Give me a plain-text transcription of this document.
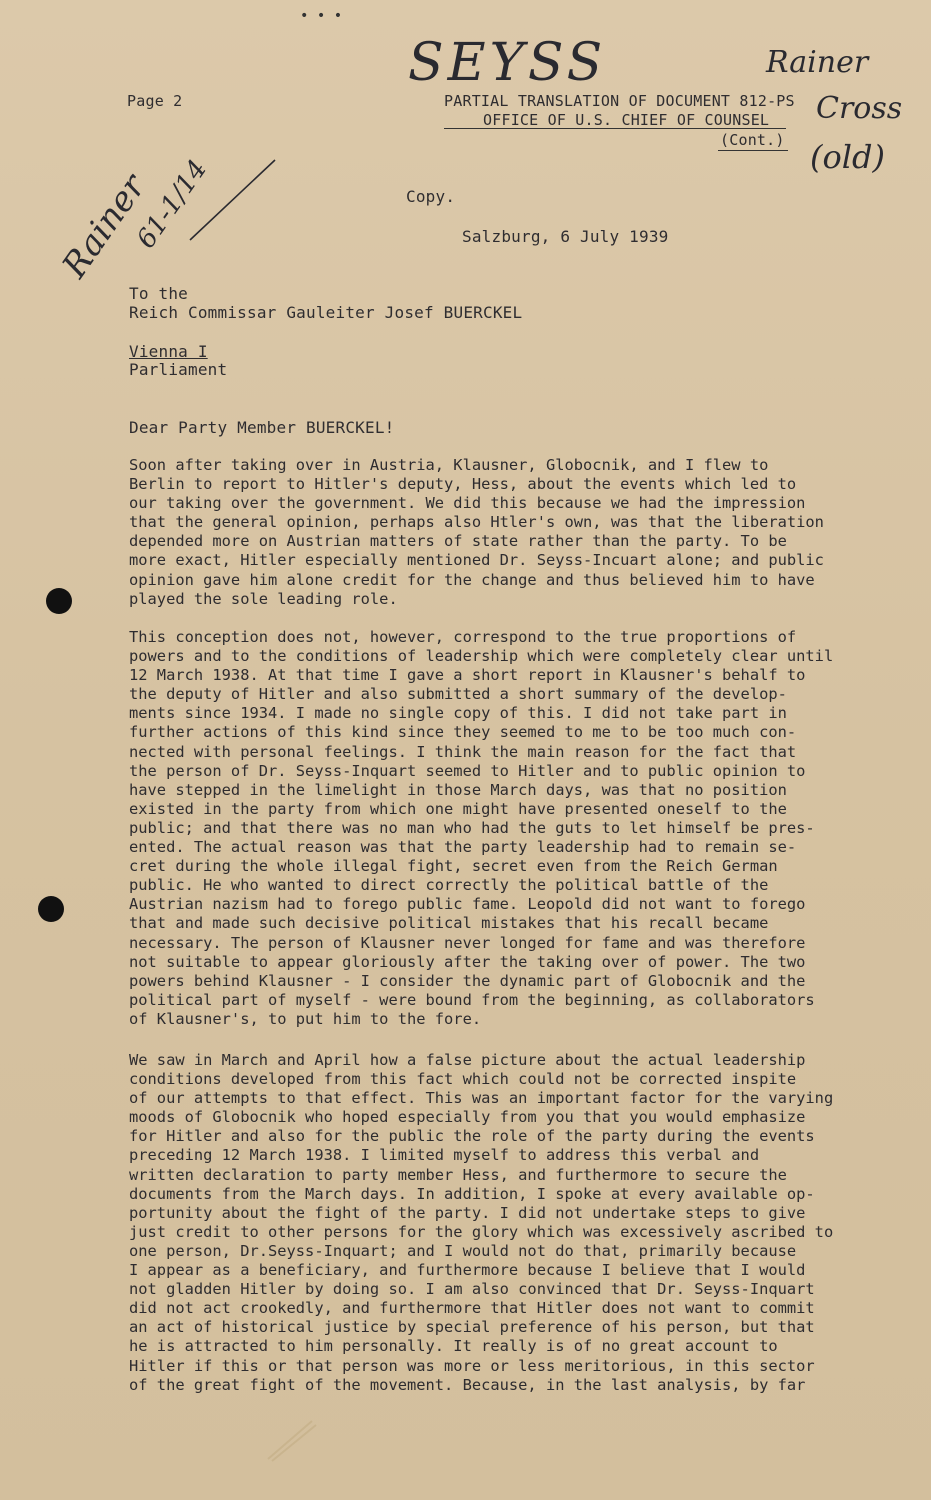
• • •
SEYSS	Rainer
Cross
(old)
Rainer
61-1/14
Page 2	PARTIAL TRANSLATION OF DOCUMENT 812-PS
OFFICE OF U.S. CHIEF OF COUNSEL
(Cont.)
Copy.
Salzburg, 6 July 1939
To the
Reich Commissar Gauleiter Josef BUERCKEL
Vienna I
Parliament
Dear Party Member BUERCKEL!
Soon after taking over in Austria, Klausner, Globocnik, and I flew to
Berlin to report to Hitler's deputy, Hess, about the events which led to
our taking over the government. We did this because we had the impression
that the general opinion, perhaps also Htler's own, was that the liberation
depended more on Austrian matters of state rather than the party. To be
more exact, Hitler especially mentioned Dr. Seyss-Incuart alone; and public
opinion gave him alone credit for the change and thus believed him to have
played the sole leading role.
This conception does not, however, correspond to the true proportions of
powers and to the conditions of leadership which were completely clear until
12 March 1938. At that time I gave a short report in Klausner's behalf to
the deputy of Hitler and also submitted a short summary of the develop-
ments since 1934. I made no single copy of this. I did not take part in
further actions of this kind since they seemed to me to be too much con-
nected with personal feelings. I think the main reason for the fact that
the person of Dr. Seyss-Inquart seemed to Hitler and to public opinion to
have stepped in the limelight in those March days, was that no position
existed in the party from which one might have presented oneself to the
public; and that there was no man who had the guts to let himself be pres-
ented. The actual reason was that the party leadership had to remain se-
cret during the whole illegal fight, secret even from the Reich German
public. He who wanted to direct correctly the political battle of the
Austrian nazism had to forego public fame. Leopold did not want to forego
that and made such decisive political mistakes that his recall became
necessary. The person of Klausner never longed for fame and was therefore
not suitable to appear gloriously after the taking over of power. The two
powers behind Klausner - I consider the dynamic part of Globocnik and the
political part of myself - were bound from the beginning, as collaborators
of Klausner's, to put him to the fore.
We saw in March and April how a false picture about the actual leadership
conditions developed from this fact which could not be corrected inspite
of our attempts to that effect. This was an important factor for the varying
moods of Globocnik who hoped especially from you that you would emphasize
for Hitler and also for the public the role of the party during the events
preceding 12 March 1938. I limited myself to address this verbal and
written declaration to party member Hess, and furthermore to secure the
documents from the March days. In addition, I spoke at every available op-
portunity about the fight of the party. I did not undertake steps to give
just credit to other persons for the glory which was excessively ascribed to
one person, Dr.Seyss-Inquart; and I would not do that, primarily because
I appear as a beneficiary, and furthermore because I believe that I would
not gladden Hitler by doing so. I am also convinced that Dr. Seyss-Inquart
did not act crookedly, and furthermore that Hitler does not want to commit
an act of historical justice by special preference of his person, but that
he is attracted to him personally. It really is of no great account to
Hitler if this or that person was more or less meritorious, in this sector
of the great fight of the movement. Because, in the last analysis, by far
